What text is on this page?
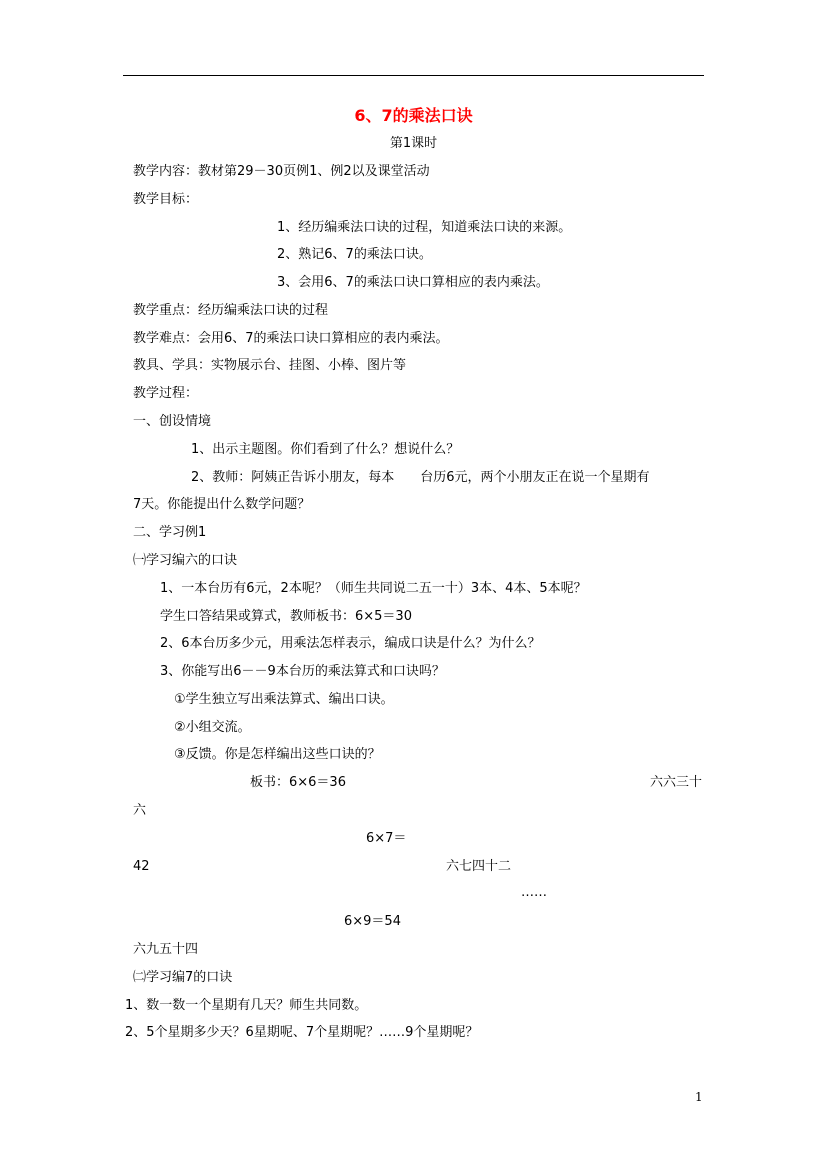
6、7的乘法口诀
第1课时
教学内容：教材第29－30页例1、例2以及课堂活动
教学目标：
1、经历编乘法口诀的过程，知道乘法口诀的来源。
2、熟记6、7的乘法口诀。
3、会用6、7的乘法口诀口算相应的表内乘法。
教学重点：经历编乘法口诀的过程
教学难点：会用6、7的乘法口诀口算相应的表内乘法。
教具、学具：实物展示台、挂图、小棒、图片等
教学过程：
一、创设情境
1、出示主题图。你们看到了什么？想说什么？
2、教师：阿姨正告诉小朋友，每本　　台历6元，两个小朋友正在说一个星期有
7天。你能提出什么数学问题？
二、学习例1
㈠学习编六的口诀
1、一本台历有6元，2本呢？（师生共同说二五一十）3本、4本、5本呢？
学生口答结果或算式，教师板书：6×5＝30
2、6本台历多少元，用乘法怎样表示，编成口诀是什么？为什么？
3、你能写出6－－9本台历的乘法算式和口诀吗？
①学生独立写出乘法算式、编出口诀。
②小组交流。
③反馈。你是怎样编出这些口诀的？
板书：6×6＝36	六六三十
六
6×7＝
42	六七四十二
……
6×9＝54
六九五十四
㈡学习编7的口诀
1、数一数一个星期有几天？师生共同数。
2、5个星期多少天？6星期呢、7个星期呢？……9个星期呢？
1
